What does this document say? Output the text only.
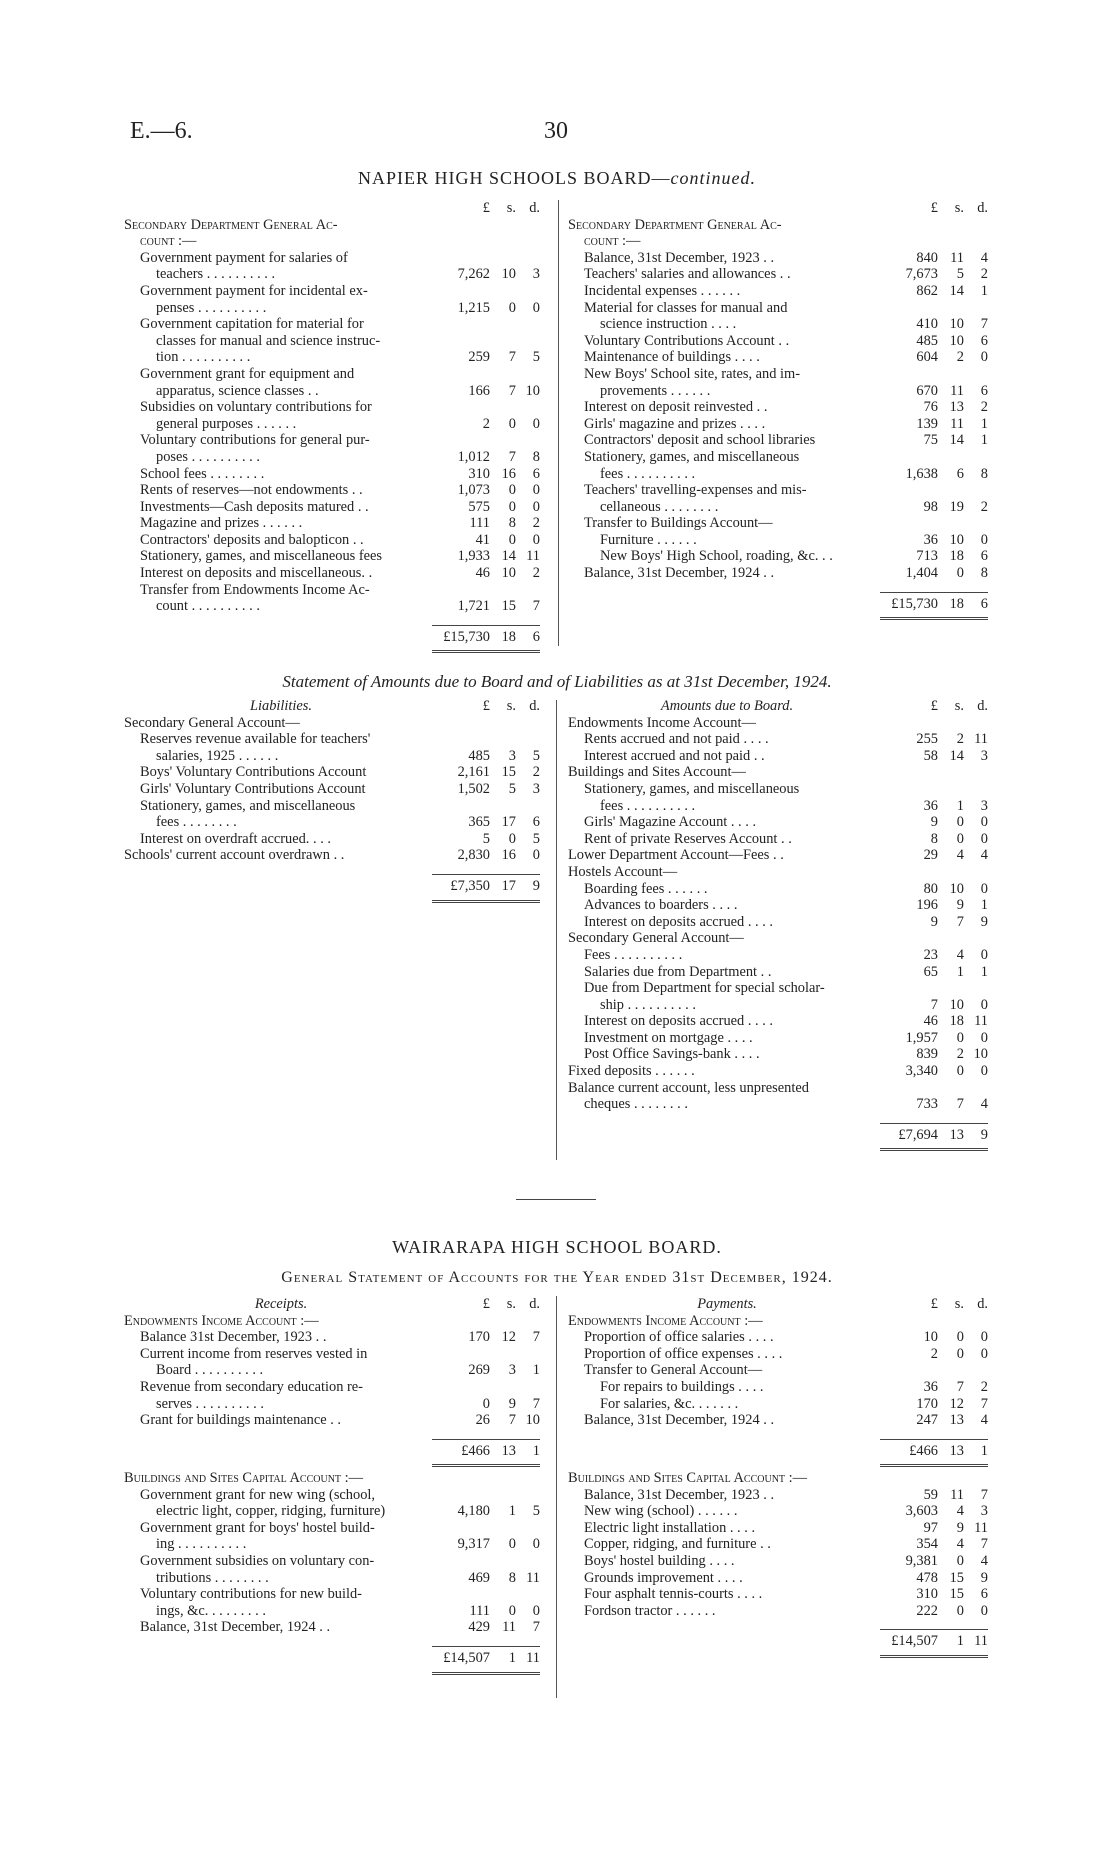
E.—6.	30
NAPIER HIGH SCHOOLS BOARD—continued.
£	s. d.
Secondary Department General Ac-
count :—
Government payment for salaries of
teachers . . . . . . . . . .	7,262 10	3
Government payment for incidental ex-
penses . . . . . . . . . .	1,215	0	0
Government capitation for material for
classes for manual and science instruc-
tion . . . . . . . . . .	259	7	5
Government grant for equipment and
apparatus, science classes . .	166	7 10
Subsidies on voluntary contributions for
general purposes . . . . . .	2	0	0
Voluntary contributions for general pur-
poses . . . . . . . . . .	1,012	7	8
School fees . . . . . . . .	310 16	6
Rents of reserves—not endowments . .	1,073	0	0
Investments—Cash deposits matured . .	575	0	0
Magazine and prizes . . . . . .	111	8	2
Contractors' deposits and balopticon . .	41	0	0
Stationery, games, and miscellaneous fees	1,933 14 11
Interest on deposits and miscellaneous. .	46 10	2
Transfer from Endowments Income Ac-
count . . . . . . . . . .	1,721 15	7
£15,730 18	6
£	s. d.
Secondary Department General Ac-
count :—
Balance, 31st December, 1923 . .	840 11	4
Teachers' salaries and allowances . .	7,673	5	2
Incidental expenses . . . . . .	862 14	1
Material for classes for manual and
science instruction . . . .	410 10	7
Voluntary Contributions Account . .	485 10	6
Maintenance of buildings . . . .	604	2	0
New Boys' School site, rates, and im-
provements . . . . . .	670 11	6
Interest on deposit reinvested . .	76 13	2
Girls' magazine and prizes . . . .	139 11	1
Contractors' deposit and school libraries	75 14	1
Stationery, games, and miscellaneous
fees . . . . . . . . . .	1,638	6	8
Teachers' travelling-expenses and mis-
cellaneous . . . . . . . .	98 19	2
Transfer to Buildings Account—
Furniture . . . . . .	36 10	0
New Boys' High School, roading, &c. . .	713 18	6
Balance, 31st December, 1924 . .	1,404	0	8
£15,730 18	6
Statement of Amounts due to Board and of Liabilities as at 31st December, 1924.
Liabilities.	£	s. d.
Secondary General Account—
Reserves revenue available for teachers'
salaries, 1925 . . . . . .	485	3	5
Boys' Voluntary Contributions Account	2,161 15	2
Girls' Voluntary Contributions Account	1,502	5	3
Stationery, games, and miscellaneous
fees . . . . . . . .	365 17	6
Interest on overdraft accrued. . . .	5	0	5
Schools' current account overdrawn . .	2,830 16	0
£7,350 17	9
Amounts due to Board.	£	s. d.
Endowments Income Account—
Rents accrued and not paid . . . .	255	2 11
Interest accrued and not paid . .	58 14	3
Buildings and Sites Account—
Stationery, games, and miscellaneous
fees . . . . . . . . . .	36	1	3
Girls' Magazine Account . . . .	9	0	0
Rent of private Reserves Account . .	8	0	0
Lower Department Account—Fees . .	29	4	4
Hostels Account—
Boarding fees . . . . . .	80 10	0
Advances to boarders . . . .	196	9	1
Interest on deposits accrued . . . .	9	7	9
Secondary General Account—
Fees . . . . . . . . . .	23	4	0
Salaries due from Department . .	65	1	1
Due from Department for special scholar-
ship . . . . . . . . . .	7 10	0
Interest on deposits accrued . . . .	46 18 11
Investment on mortgage . . . .	1,957	0	0
Post Office Savings-bank . . . .	839	2 10
Fixed deposits . . . . . .	3,340	0	0
Balance current account, less unpresented
cheques . . . . . . . .	733	7	4
£7,694 13	9
WAIRARAPA HIGH SCHOOL BOARD.
General Statement of Accounts for the Year ended 31st December, 1924.
Receipts.	£	s. d.
Endowments Income Account :—
Balance 31st December, 1923 . .	170 12	7
Current income from reserves vested in
Board . . . . . . . . . .	269	3	1
Revenue from secondary education re-
serves . . . . . . . . . .	0	9	7
Grant for buildings maintenance . .	26	7 10
£466 13	1
Payments.	£	s. d.
Endowments Income Account :—
Proportion of office salaries . . . .	10	0	0
Proportion of office expenses . . . .	2	0	0
Transfer to General Account—
For repairs to buildings . . . .	36	7	2
For salaries, &c. . . . . . .	170 12	7
Balance, 31st December, 1924 . .	247 13	4
£466 13	1
Buildings and Sites Capital Account :—
Government grant for new wing (school,
electric light, copper, ridging, furniture)	4,180	1	5
Government grant for boys' hostel build-
ing . . . . . . . . . .	9,317	0	0
Government subsidies on voluntary con-
tributions . . . . . . . .	469	8 11
Voluntary contributions for new build-
ings, &c. . . . . . . . .	111	0	0
Balance, 31st December, 1924 . .	429 11	7
£14,507	1 11
Buildings and Sites Capital Account :—
Balance, 31st December, 1923 . .	59 11	7
New wing (school) . . . . . .	3,603	4	3
Electric light installation . . . .	97	9 11
Copper, ridging, and furniture . .	354	4	7
Boys' hostel building . . . .	9,381	0	4
Grounds improvement . . . .	478 15	9
Four asphalt tennis-courts . . . .	310 15	6
Fordson tractor . . . . . .	222	0	0
£14,507	1 11
